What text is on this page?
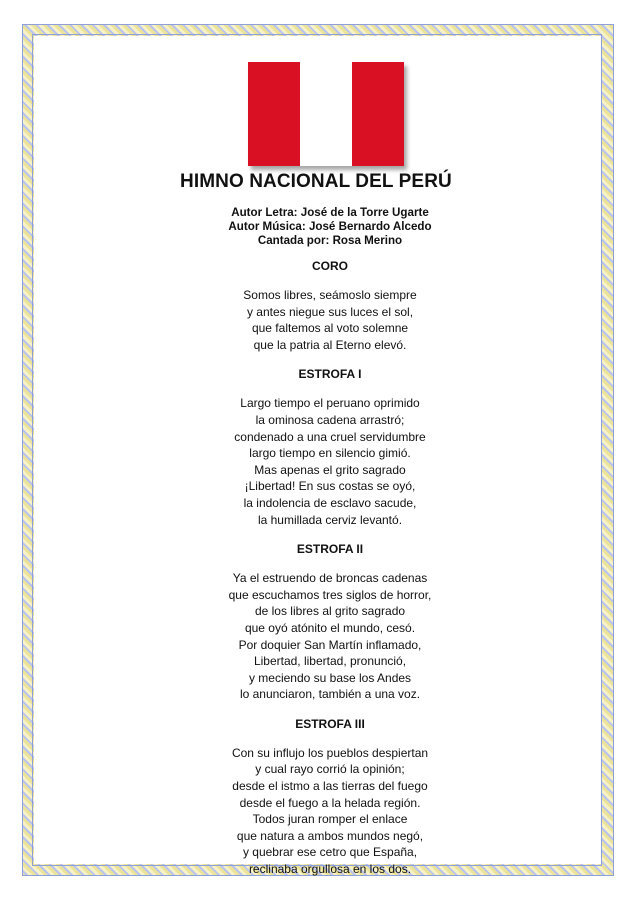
HIMNO NACIONAL DEL PERÚ
Autor Letra: José de la Torre Ugarte
Autor Música: José Bernardo Alcedo
Cantada por: Rosa Merino
CORO
Somos libres, seámoslo siempre
y antes niegue sus luces el sol,
que faltemos al voto solemne
que la patria al Eterno elevó.
ESTROFA I
Largo tiempo el peruano oprimido
la ominosa cadena arrastró;
condenado a una cruel servidumbre
largo tiempo en silencio gimió.
Mas apenas el grito sagrado
¡Libertad! En sus costas se oyó,
la indolencia de esclavo sacude,
la humillada cerviz levantó.
ESTROFA II
Ya el estruendo de broncas cadenas
que escuchamos tres siglos de horror,
de los libres al grito sagrado
que oyó atónito el mundo, cesó.
Por doquier San Martín inflamado,
Libertad, libertad, pronunció,
y meciendo su base los Andes
lo anunciaron, también a una voz.
ESTROFA III
Con su influjo los pueblos despiertan
y cual rayo corrió la opinión;
desde el istmo a las tierras del fuego
desde el fuego a la helada región.
Todos juran romper el enlace
que natura a ambos mundos negó,
y quebrar ese cetro que España,
reclinaba orgullosa en los dos.
